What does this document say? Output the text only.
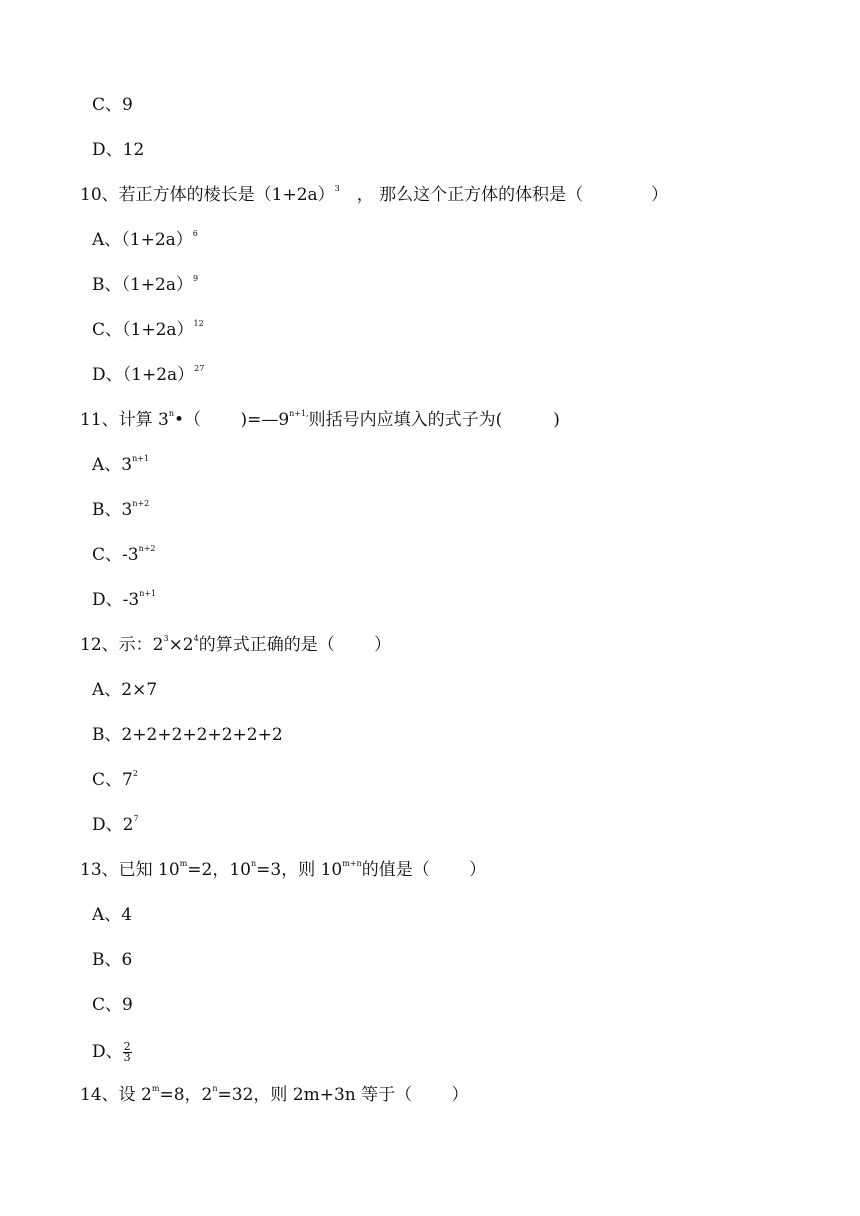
C、9
D、12
10、若正方体的棱长是$(1+2a)^3$　 ， 那么这个正方体的体积是（　　　　）
A、$(1+2a)^6$
B、$(1+2a)^9$
C、$(1+2a)^{12}$
D、$(1+2a)^{27}$
11、计算 3$^n$•（　　 )$=—9^{n+1,}$则括号内应填入的式子为(　　　)
A、$3^{n+1}$
B、$3^{n+2}$
C、$-3^{n+2}$
D、$-3^{n+1}$
12、示：$2^3\times 2^4$的算式正确的是（　　 ）
A、2×7
B、2+2+2+2+2+2+2
C、$7^2$
D、$2^7$
13、已知 $10^m=2$，$10^n=3$，则 $10^{m+n}$的值是（　　 ）
A、4
B、6
C、9
D、 $\frac{2}{3}$
14、设 $2^m=8$，$2^n=32$，则 2m+3n 等于（　　 ）
